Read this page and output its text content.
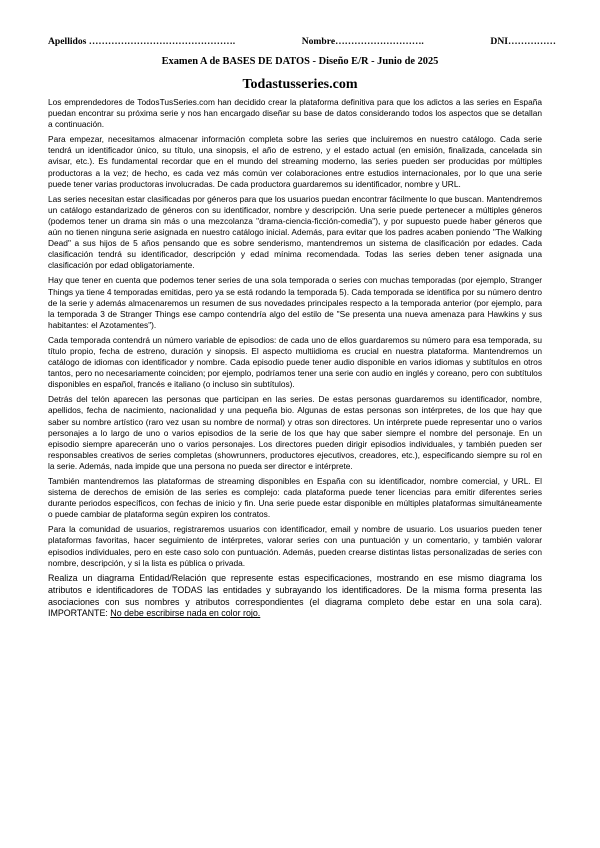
Apellidos ……………………………………….	Nombre……………………….	DNI……………
Examen A de BASES DE DATOS - Diseño E/R - Junio de 2025
Todastusseries.com

Los emprendedores de TodosTusSeries.com han decidido crear la plataforma definitiva para que los adictos a las series en España puedan encontrar su próxima serie y nos han encargado diseñar su base de datos considerando todos los aspectos que se detallan a continuación.

Para empezar, necesitamos almacenar información completa sobre las series que incluiremos en nuestro catálogo. Cada serie tendrá un identificador único, su título, una sinopsis, el año de estreno, y el estado actual (en emisión, finalizada, cancelada sin avisar, etc.). Es fundamental recordar que en el mundo del streaming moderno, las series pueden ser producidas por múltiples productoras a la vez; de hecho, es cada vez más común ver colaboraciones entre estudios internacionales, por lo que una serie puede tener varias productoras involucradas. De cada productora guardaremos su identificador, nombre y URL.

Las series necesitan estar clasificadas por géneros para que los usuarios puedan encontrar fácilmente lo que buscan. Mantendremos un catálogo estandarizado de géneros con su identificador, nombre y descripción. Una serie puede pertenecer a múltiples géneros (podemos tener un drama sin más o una mezcolanza "drama-ciencia-ficción-comedia"), y por supuesto puede haber géneros que aún no tienen ninguna serie asignada en nuestro catálogo inicial. Además, para evitar que los padres acaben poniendo "The Walking Dead" a sus hijos de 5 años pensando que es sobre senderismo, mantendremos un sistema de clasificación por edades. Cada clasificación tendrá su identificador, descripción y edad mínima recomendada. Todas las series deben tener asignada una clasificación por edad obligatoriamente.

Hay que tener en cuenta que podemos tener series de una sola temporada o series con muchas temporadas (por ejemplo, Stranger Things ya tiene 4 temporadas emitidas, pero ya se está rodando la temporada 5). Cada temporada se identifica por su número dentro de la serie y además almacenaremos un resumen de sus novedades principales respecto a la temporada anterior (por ejemplo, para la temporada 3 de Stranger Things ese campo contendría algo del estilo de "Se presenta una nueva amenaza para Hawkins y sus habitantes: el Azotamentes").

Cada temporada contendrá un número variable de episodios: de cada uno de ellos guardaremos su número para esa temporada, su título propio, fecha de estreno, duración y sinopsis. El aspecto multiidioma es crucial en nuestra plataforma. Mantendremos un catálogo de idiomas con identificador y nombre. Cada episodio puede tener audio disponible en varios idiomas y subtítulos en otros tantos, pero no necesariamente coinciden; por ejemplo, podríamos tener una serie con audio en inglés y coreano, pero con subtítulos disponibles en español, francés e italiano (o incluso sin subtítulos).

Detrás del telón aparecen las personas que participan en las series. De estas personas guardaremos su identificador, nombre, apellidos, fecha de nacimiento, nacionalidad y una pequeña bio. Algunas de estas personas son intérpretes, de los que hay que saber su nombre artístico (raro vez usan su nombre de normal) y otras son directores. Un intérprete puede representar uno o varios personajes a lo largo de uno o varios episodios de la serie de los que hay que saber siempre el nombre del personaje. En un episodio siempre aparecerán uno o varios personajes. Los directores pueden dirigir episodios individuales, y también pueden ser responsables creativos de series completas (showrunners, productores ejecutivos, creadores, etc.), especificando siempre su rol en la serie. Además, nada impide que una persona no pueda ser director e intérprete.

También mantendremos las plataformas de streaming disponibles en España con su identificador, nombre comercial, y URL. El sistema de derechos de emisión de las series es complejo: cada plataforma puede tener licencias para emitir diferentes series durante periodos específicos, con fechas de inicio y fin. Una serie puede estar disponible en múltiples plataformas simultáneamente o puede cambiar de plataforma según expiren los contratos.

Para la comunidad de usuarios, registraremos usuarios con identificador, email y nombre de usuario. Los usuarios pueden tener plataformas favoritas, hacer seguimiento de intérpretes, valorar series con una puntuación y un comentario, y también valorar episodios individuales, pero en este caso solo con puntuación. Además, pueden crearse distintas listas personalizadas de series con nombre, descripción, y si la lista es pública o privada.

Realiza un diagrama Entidad/Relación que represente estas especificaciones, mostrando en ese mismo diagrama los atributos e identificadores de TODAS las entidades y subrayando los identificadores. De la misma forma presenta las asociaciones con sus nombres y atributos correspondientes (el diagrama completo debe estar en una sola cara). IMPORTANTE: No debe escribirse nada en color rojo.
